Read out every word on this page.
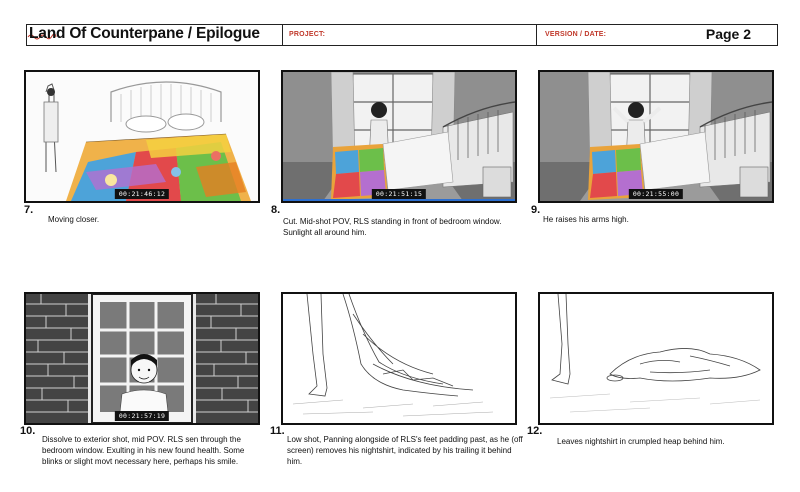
Land Of Counterpane / Epilogue	PROJECT:	VERSION / DATE:	Page 2
00:21:46:12
7.
Moving closer.
00:21:51:15
8.
Cut. Mid-shot POV, RLS standing in front of bedroom window. Sunlight all around him.
00:21:55:00
9.
He raises his arms high.
00:21:57:19
10.
Dissolve to exterior shot, mid POV. RLS sen through the bedroom window. Exulting in his new found health. Some blinks or slight movt necessary here, perhaps his smile.
11.
Low shot, Panning alongside of RLS's feet padding past, as he (off screen) removes his nightshirt, indicated by his trailing it behind him.
12.
Leaves nightshirt in crumpled heap behind him.
